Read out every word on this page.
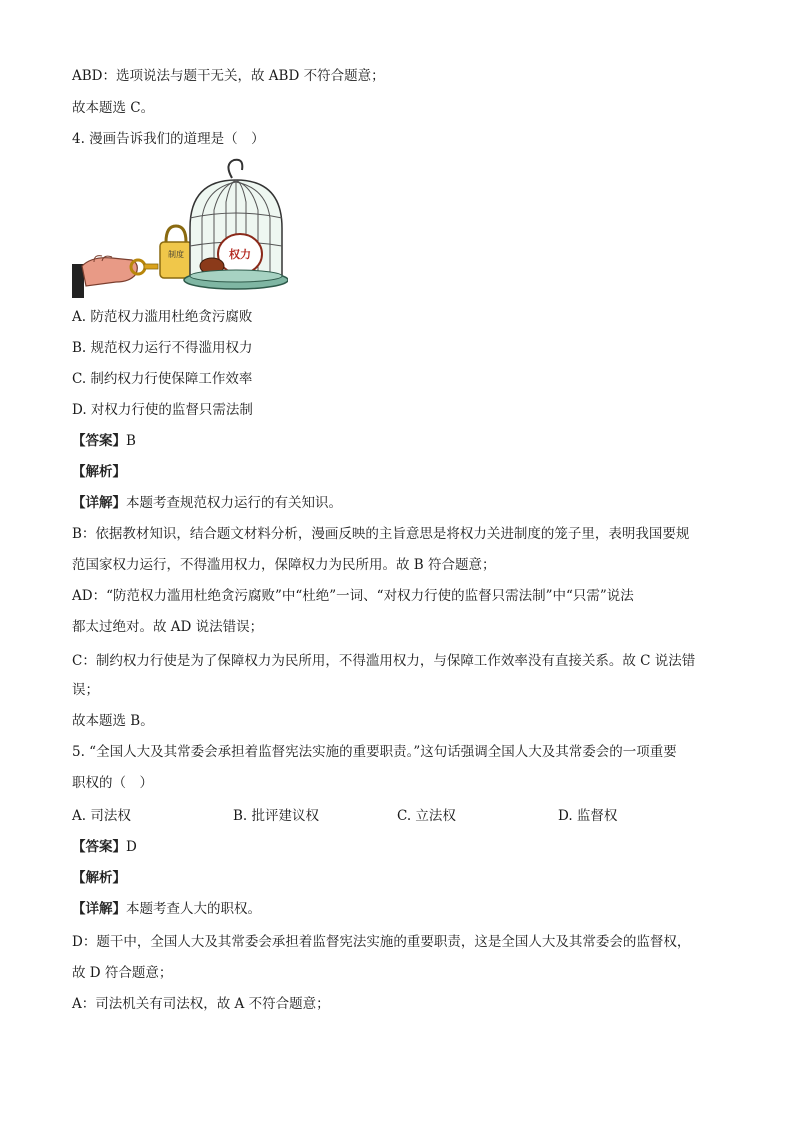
ABD：选项说法与题干无关，故 ABD 不符合题意；
故本题选 C。
4. 漫画告诉我们的道理是（　）
制度	权力
A. 防范权力滥用杜绝贪污腐败
B. 规范权力运行不得滥用权力
C. 制约权力行使保障工作效率
D. 对权力行使的监督只需法制
【答案】B
【解析】
【详解】本题考查规范权力运行的有关知识。
B：依据教材知识，结合题文材料分析，漫画反映的主旨意思是将权力关进制度的笼子里，表明我国要规
范国家权力运行，不得滥用权力，保障权力为民所用。故 B 符合题意；
AD：“防范权力滥用杜绝贪污腐败”中“杜绝”一词、“对权力行使的监督只需法制”中“只需”说法
都太过绝对。故 AD 说法错误；
C：制约权力行使是为了保障权力为民所用，不得滥用权力，与保障工作效率没有直接关系。故 C 说法错
误；
故本题选 B。
5. “全国人大及其常委会承担着监督宪法实施的重要职责。”这句话强调全国人大及其常委会的一项重要
职权的（　）
A. 司法权	B. 批评建议权	C. 立法权	D. 监督权
【答案】D
【解析】
【详解】本题考查人大的职权。
D：题干中，全国人大及其常委会承担着监督宪法实施的重要职责，这是全国人大及其常委会的监督权，
故 D 符合题意；
A：司法机关有司法权，故 A 不符合题意；
